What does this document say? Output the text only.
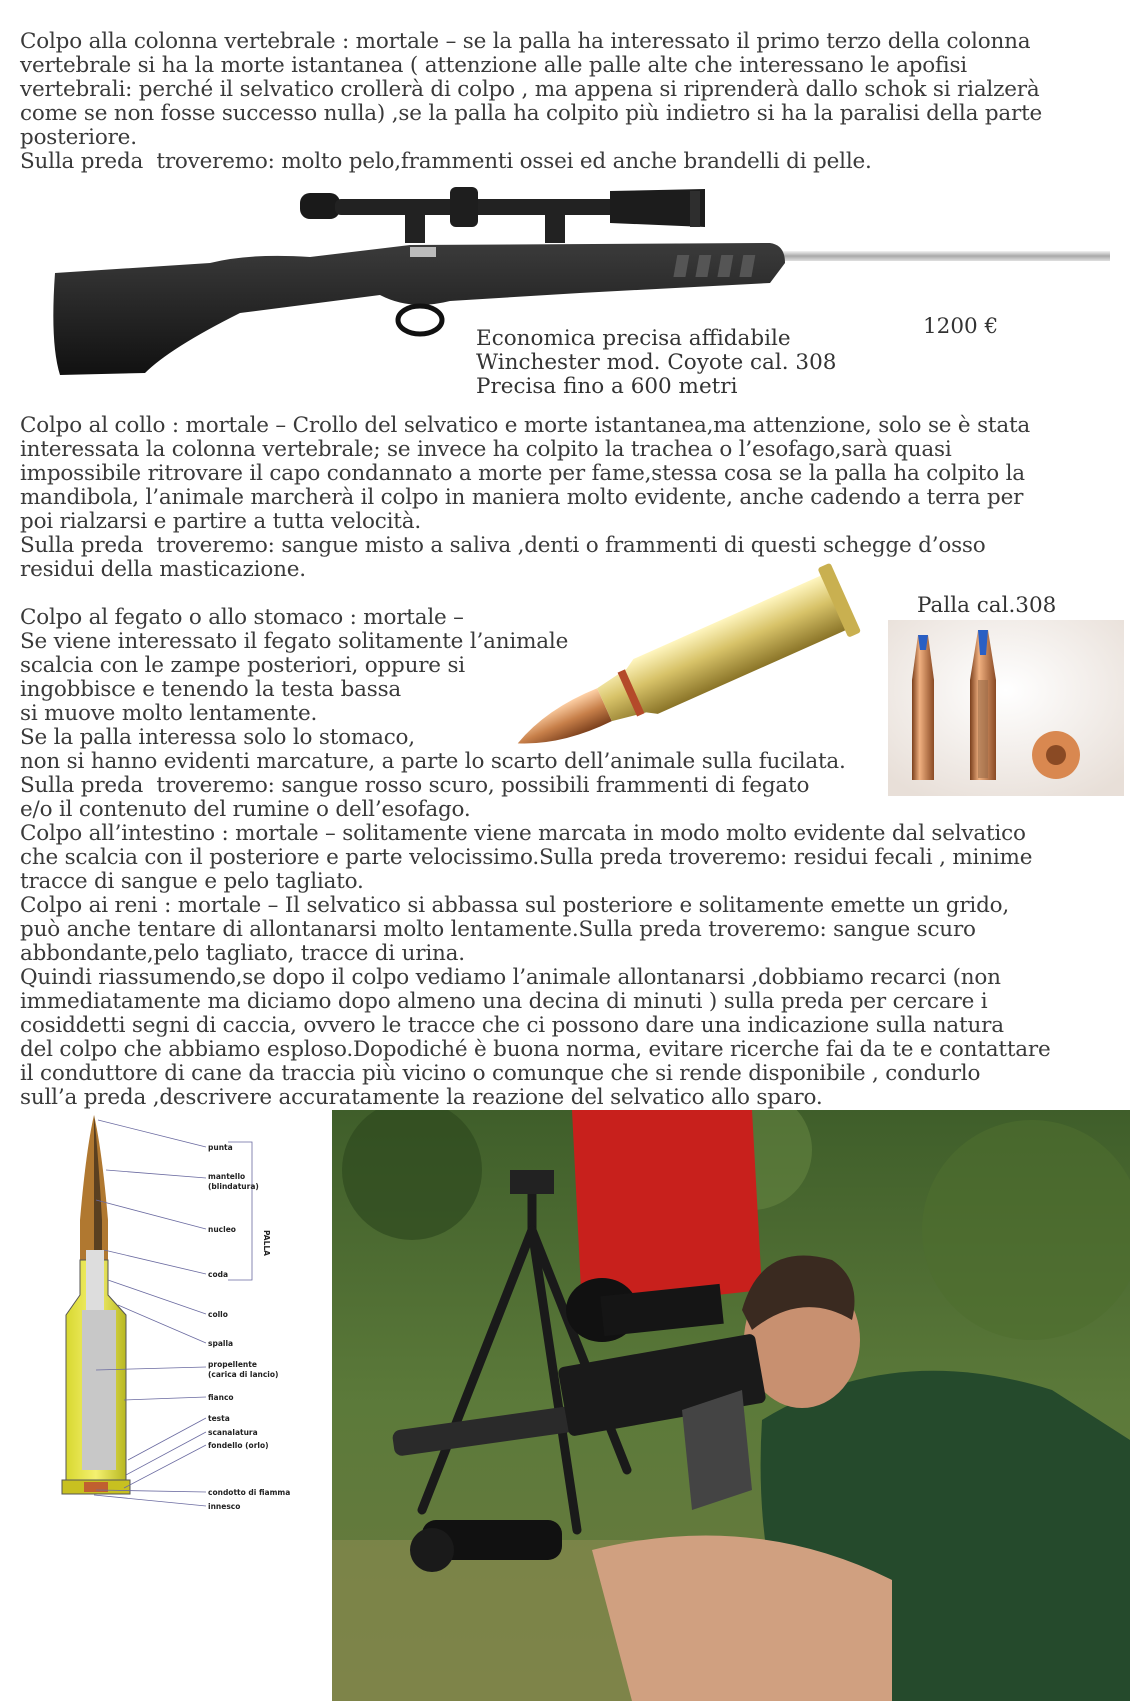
Colpo alla colonna vertebrale : mortale – se la palla ha interessato il primo terzo della colonna
vertebrale si ha la morte istantanea ( attenzione alle palle alte che interessano le apofisi
vertebrali: perché il selvatico crollerà di colpo , ma appena si riprenderà dallo schok si rialzerà
come se non fosse successo nulla) ,se la palla ha colpito più indietro si ha la paralisi della parte
posteriore.
Sulla preda  troveremo: molto pelo,frammenti ossei ed anche brandelli di pelle.

Economica precisa affidabile
Winchester mod. Coyote cal. 308
Precisa fino a 600 metri
1200 €

Colpo al collo : mortale – Crollo del selvatico e morte istantanea,ma attenzione, solo se è stata
interessata la colonna vertebrale; se invece ha colpito la trachea o l’esofago,sarà quasi
impossibile ritrovare il capo condannato a morte per fame,stessa cosa se la palla ha colpito la
mandibola, l’animale marcherà il colpo in maniera molto evidente, anche cadendo a terra per
poi rialzarsi e partire a tutta velocità.
Sulla preda  troveremo: sangue misto a saliva ,denti o frammenti di questi schegge d’osso
residui della masticazione.

Palla cal.308

Colpo al fegato o allo stomaco : mortale –
Se viene interessato il fegato solitamente l’animale
scalcia con le zampe posteriori, oppure si
ingobbisce e tenendo la testa bassa
si muove molto lentamente.
Se la palla interessa solo lo stomaco,

non si hanno evidenti marcature, a parte lo scarto dell’animale sulla fucilata.
Sulla preda  troveremo: sangue rosso scuro, possibili frammenti di fegato
e/o il contenuto del rumine o dell’esofago.
Colpo all’intestino : mortale – solitamente viene marcata in modo molto evidente dal selvatico
che scalcia con il posteriore e parte velocissimo.Sulla preda troveremo: residui fecali , minime
tracce di sangue e pelo tagliato.
Colpo ai reni : mortale – Il selvatico si abbassa sul posteriore e solitamente emette un grido,
può anche tentare di allontanarsi molto lentamente.Sulla preda troveremo: sangue scuro
abbondante,pelo tagliato, tracce di urina.
Quindi riassumendo,se dopo il colpo vediamo l’animale allontanarsi ,dobbiamo recarci (non
immediatamente ma diciamo dopo almeno una decina di minuti ) sulla preda per cercare i
cosiddetti segni di caccia, ovvero le tracce che ci possono dare una indicazione sulla natura
del colpo che abbiamo esploso.Dopodiché è buona norma, evitare ricerche fai da te e contattare
il conduttore di cane da traccia più vicino o comunque che si rende disponibile , condurlo
sull’a preda ,descrivere accuratamente la reazione del selvatico allo sparo.

punta
mantello
(blindatura)
nucleo
coda
collo
spalla
propellente
(carica di lancio)
fianco
testa
scanalatura
fondello (orlo)
condotto di fiamma
innesco
PALLA
